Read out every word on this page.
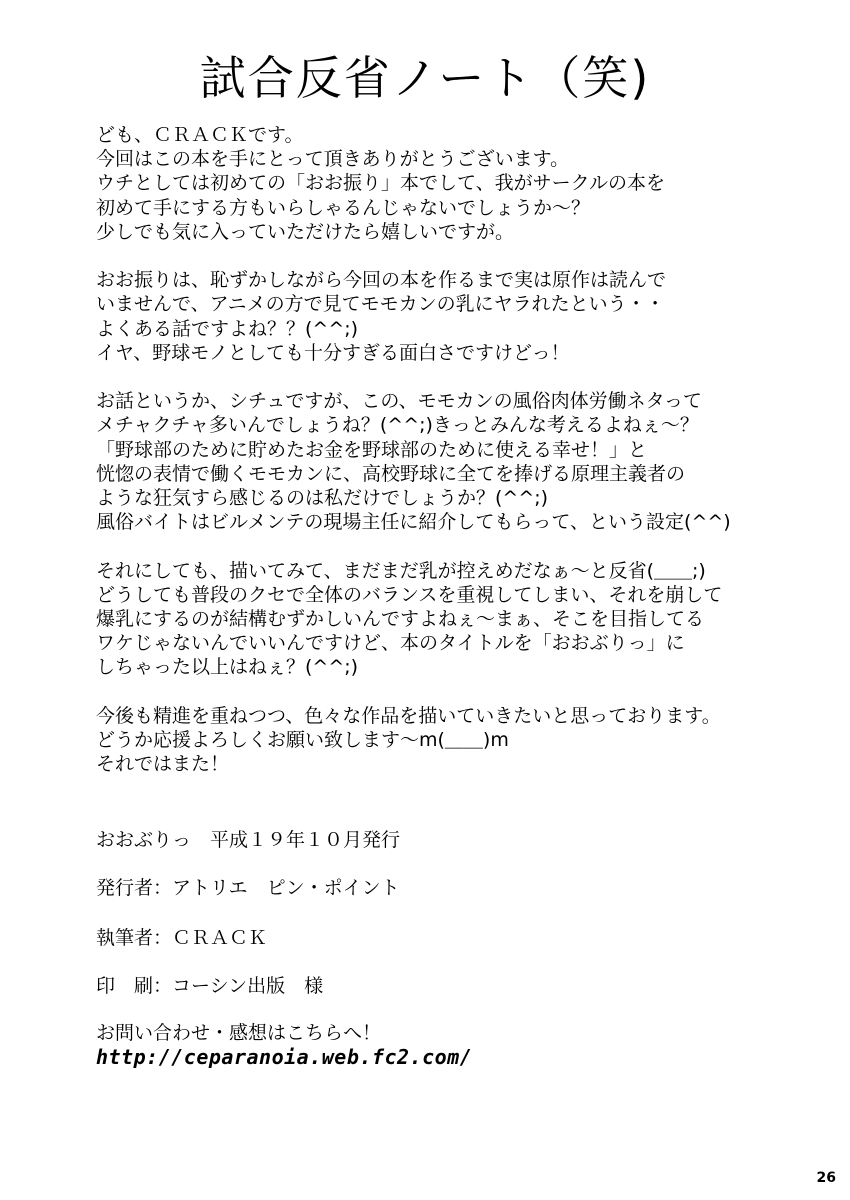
試合反省ノート（笑)
ども、ＣＲＡＣＫです。
今回はこの本を手にとって頂きありがとうございます。
ウチとしては初めての「おお振り」本でして、我がサークルの本を
初めて手にする方もいらしゃるんじゃないでしょうか～？
少しでも気に入っていただけたら嬉しいですが。
おお振りは、恥ずかしながら今回の本を作るまで実は原作は読んで
いませんで、アニメの方で見てモモカンの乳にヤラれたという・・
よくある話ですよね？？(^^;)
イヤ、野球モノとしても十分すぎる面白さですけどっ！
お話というか、シチュですが、この、モモカンの風俗肉体労働ネタって
メチャクチャ多いんでしょうね？(^^;)きっとみんな考えるよねぇ～？
「野球部のために貯めたお金を野球部のために使える幸せ！」と
恍惚の表情で働くモモカンに、高校野球に全てを捧げる原理主義者の
ような狂気すら感じるのは私だけでしょうか？(^^;)
風俗バイトはビルメンテの現場主任に紹介してもらって、という設定(^^)
それにしても、描いてみて、まだまだ乳が控えめだなぁ～と反省(＿＿;)
どうしても普段のクセで全体のバランスを重視してしまい、それを崩して
爆乳にするのが結構むずかしいんですよねぇ～まぁ、そこを目指してる
ワケじゃないんでいいんですけど、本のタイトルを「おおぶりっ」に
しちゃった以上はねぇ？(^^;)
今後も精進を重ねつつ、色々な作品を描いていきたいと思っております。
どうか応援よろしくお願い致します～m(＿＿)m
それではまた！
おおぶりっ　平成１９年１０月発行
発行者：アトリエ　ピン・ポイント
執筆者：ＣＲＡＣＫ
印　刷：コーシン出版　様
お問い合わせ・感想はこちらへ！
http://ceparanoia.web.fc2.com/
26
